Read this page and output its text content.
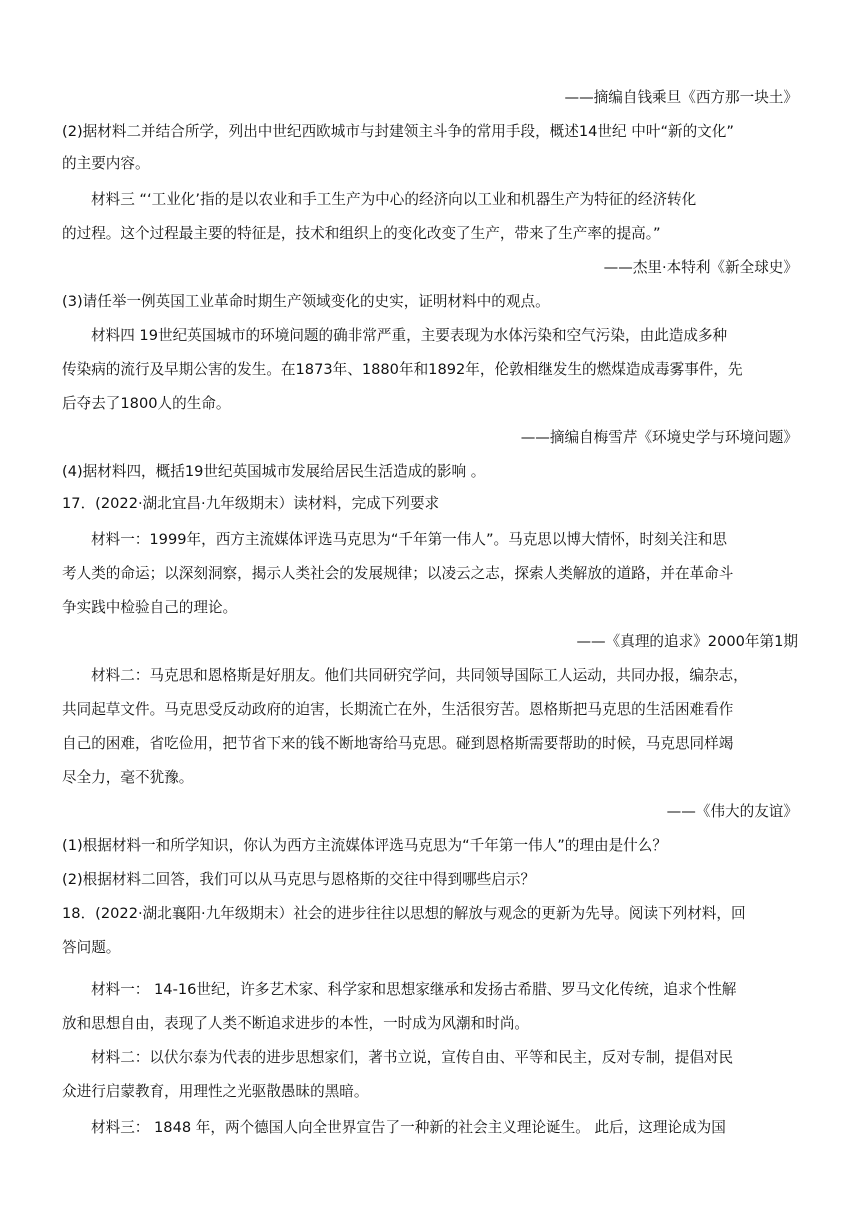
——摘编自钱乘旦《西方那一块土》
(2)据材料二并结合所学，列出中世纪西欧城市与封建领主斗争的常用手段，概述14世纪 中叶“新的文化”
的主要内容。
材料三 “‘工业化’指的是以农业和手工生产为中心的经济向以工业和机器生产为特征的经济转化
的过程。这个过程最主要的特征是，技术和组织上的变化改变了生产，带来了生产率的提高。”
——杰里·本特利《新全球史》
(3)请任举一例英国工业革命时期生产领域变化的史实，证明材料中的观点。
材料四 19世纪英国城市的环境问题的确非常严重，主要表现为水体污染和空气污染，由此造成多种
传染病的流行及早期公害的发生。在1873年、1880年和1892年，伦敦相继发生的燃煤造成毒雾事件，先
后夺去了1800人的生命。
——摘编自梅雪芹《环境史学与环境问题》
(4)据材料四，概括19世纪英国城市发展给居民生活造成的影响 。
17．(2022·湖北宜昌·九年级期末）读材料，完成下列要求
材料一：1999年，西方主流媒体评选马克思为“千年第一伟人”。马克思以博大情怀，时刻关注和思
考人类的命运；以深刻洞察，揭示人类社会的发展规律；以凌云之志，探索人类解放的道路，并在革命斗
争实践中检验自己的理论。
——《真理的追求》2000年第1期
材料二：马克思和恩格斯是好朋友。他们共同研究学问，共同领导国际工人运动，共同办报，编杂志，
共同起草文件。马克思受反动政府的迫害，长期流亡在外，生活很穷苦。恩格斯把马克思的生活困难看作
自己的困难，省吃俭用，把节省下来的钱不断地寄给马克思。碰到恩格斯需要帮助的时候，马克思同样竭
尽全力，毫不犹豫。
——《伟大的友谊》
(1)根据材料一和所学知识，你认为西方主流媒体评选马克思为“千年第一伟人”的理由是什么？
(2)根据材料二回答，我们可以从马克思与恩格斯的交往中得到哪些启示？
18．(2022·湖北襄阳·九年级期末）社会的进步往往以思想的解放与观念的更新为先导。阅读下列材料，回
答问题。
材料一： 14-16世纪，许多艺术家、科学家和思想家继承和发扬古希腊、罗马文化传统，追求个性解
放和思想自由，表现了人类不断追求进步的本性，一时成为风潮和时尚。
材料二：以伏尔泰为代表的进步思想家们，著书立说，宣传自由、平等和民主，反对专制，提倡对民
众进行启蒙教育，用理性之光驱散愚昧的黑暗。
材料三： 1848 年，两个德国人向全世界宣告了一种新的社会主义理论诞生。 此后，这理论成为国
